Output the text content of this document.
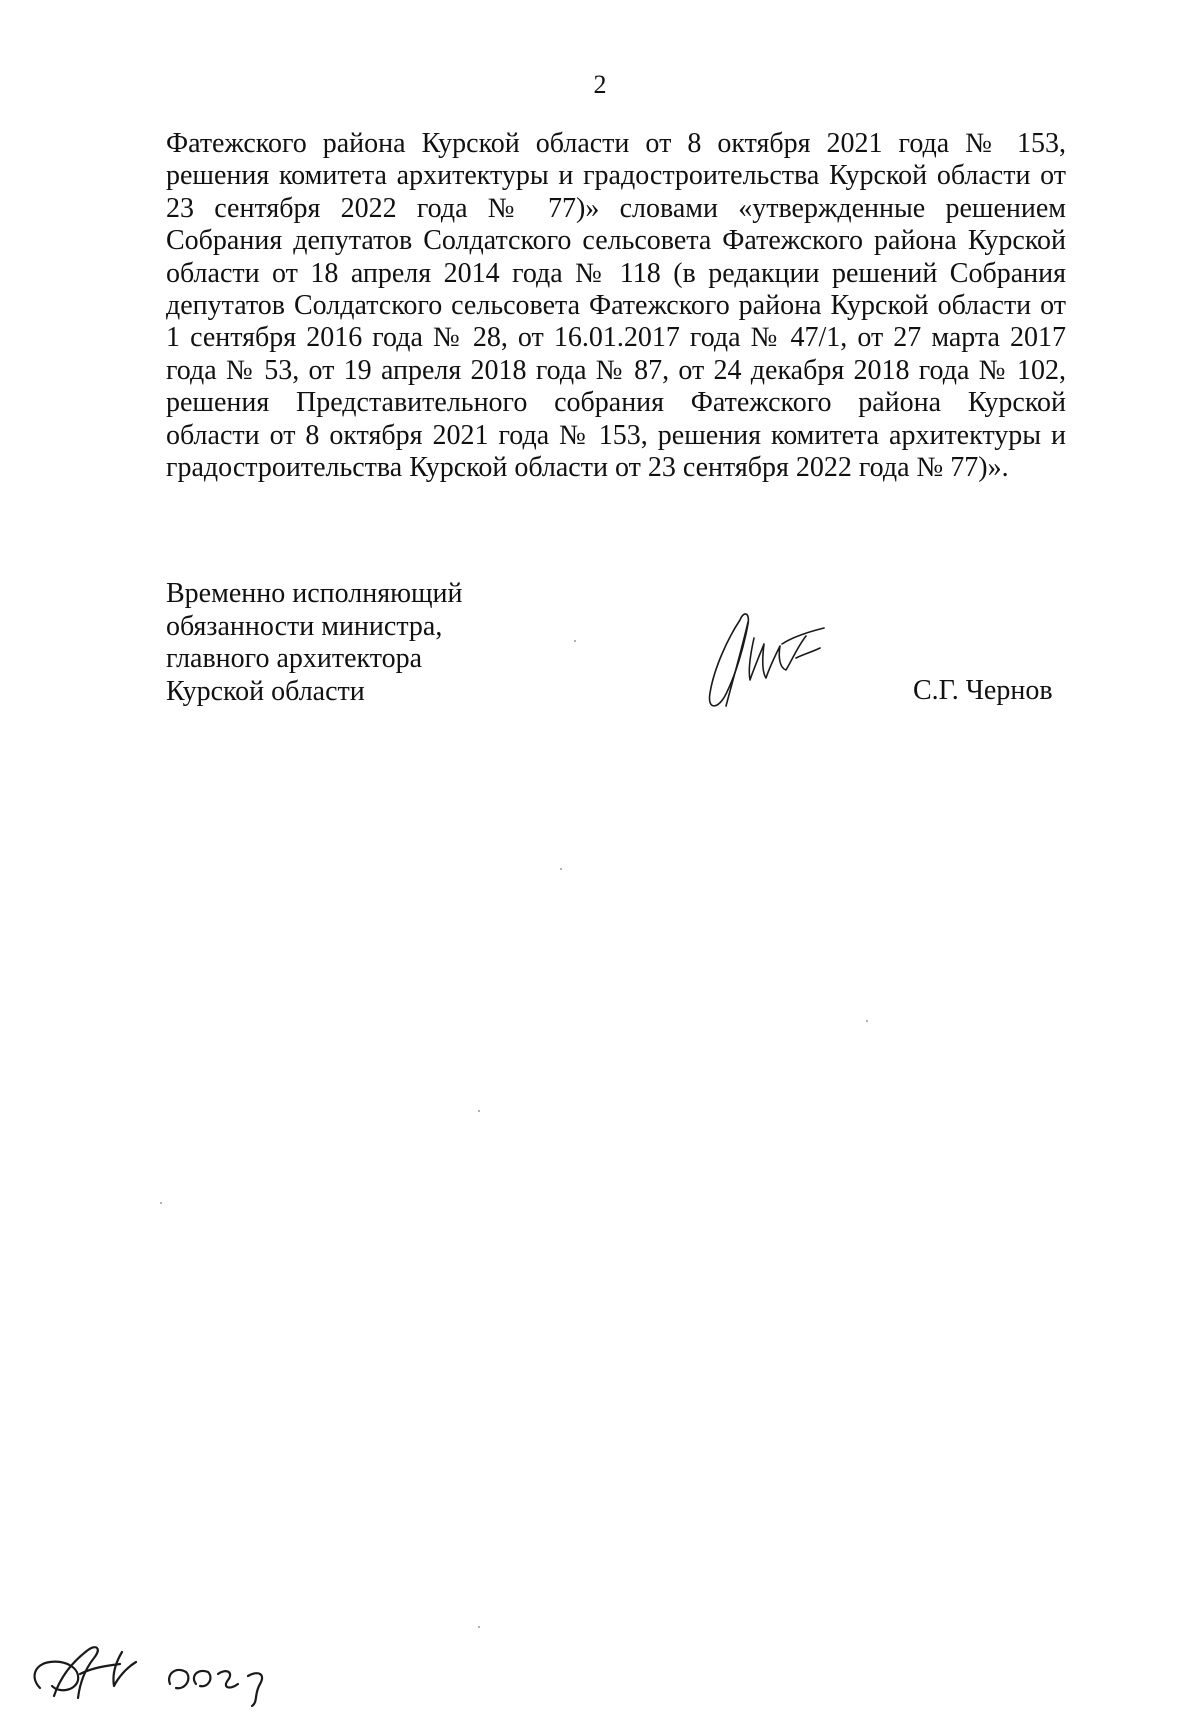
2

Фатежского района Курской области от 8 октября 2021 года № 153, решения комитета архитектуры и градостроительства Курской области от 23 сентября 2022 года № 77)» словами «утвержденные решением Собрания депутатов Солдатского сельсовета Фатежского района Курской области от 18 апреля 2014 года № 118 (в редакции решений Собрания депутатов Солдатского сельсовета Фатежского района Курской области от 1 сентября 2016 года № 28, от 16.01.2017 года № 47/1, от 27 марта 2017 года № 53, от 19 апреля 2018 года № 87, от 24 декабря 2018 года № 102, решения Представительного собрания Фатежского района Курской области от 8 октября 2021 года № 153, решения комитета архитектуры и градостроительства Курской области от 23 сентября 2022 года № 77)».

Временно исполняющий
обязанности министра,
главного архитектора
Курской области	С.Г. Чернов
